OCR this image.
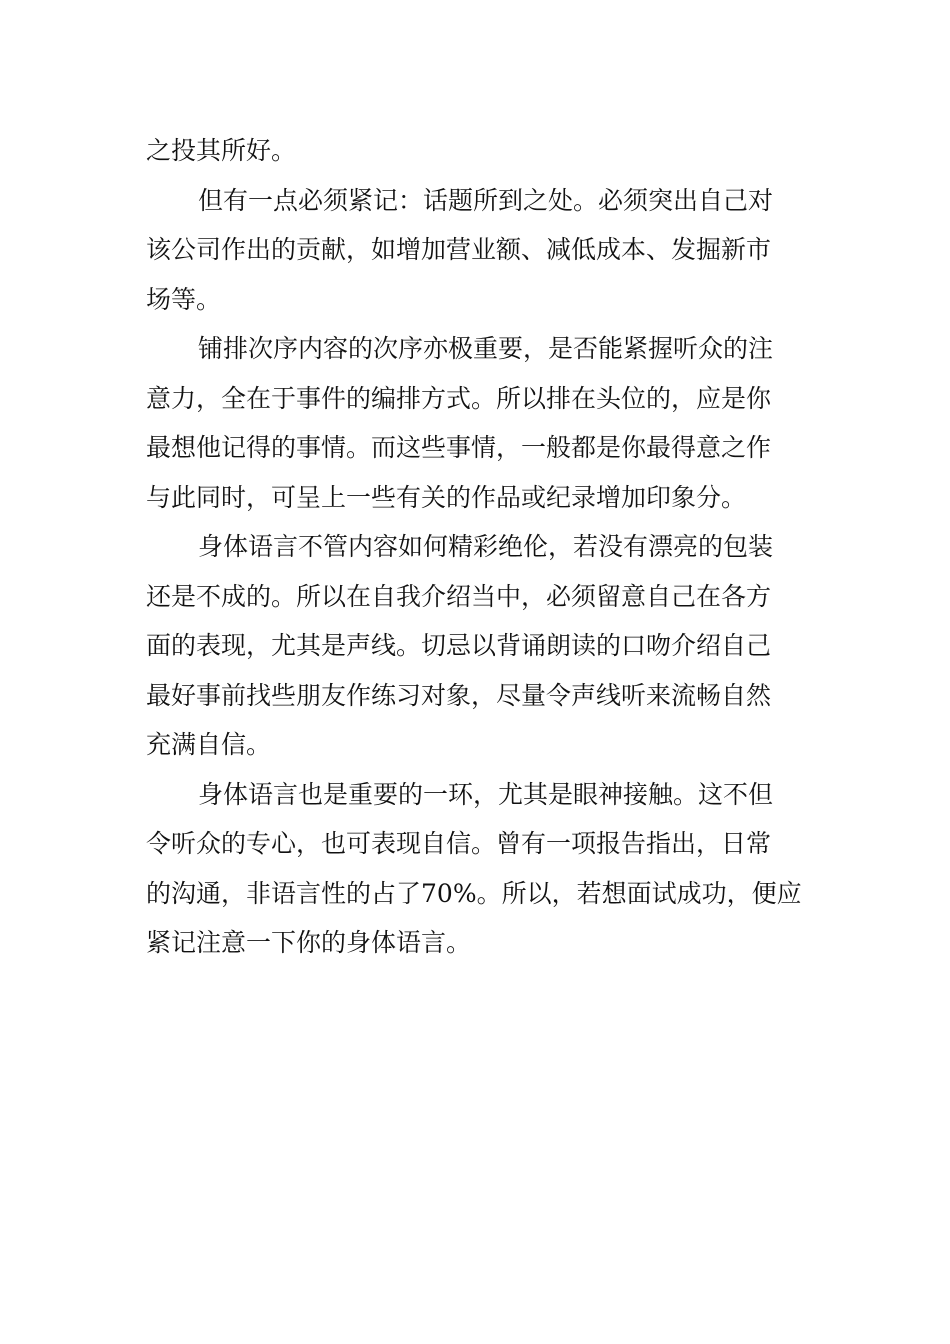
之投其所好。
但有一点必须紧记：话题所到之处。必须突出自己对
该公司作出的贡献，如增加营业额、减低成本、发掘新市
场等。
铺排次序内容的次序亦极重要，是否能紧握听众的注
意力，全在于事件的编排方式。所以排在头位的，应是你
最想他记得的事情。而这些事情，一般都是你最得意之作
与此同时，可呈上一些有关的作品或纪录增加印象分。
身体语言不管内容如何精彩绝伦，若没有漂亮的包装
还是不成的。所以在自我介绍当中，必须留意自己在各方
面的表现，尤其是声线。切忌以背诵朗读的口吻介绍自己
最好事前找些朋友作练习对象，尽量令声线听来流畅自然
充满自信。
身体语言也是重要的一环，尤其是眼神接触。这不但
令听众的专心，也可表现自信。曾有一项报告指出，日常
的沟通，非语言性的占了70%。所以，若想面试成功，便应
紧记注意一下你的身体语言。
